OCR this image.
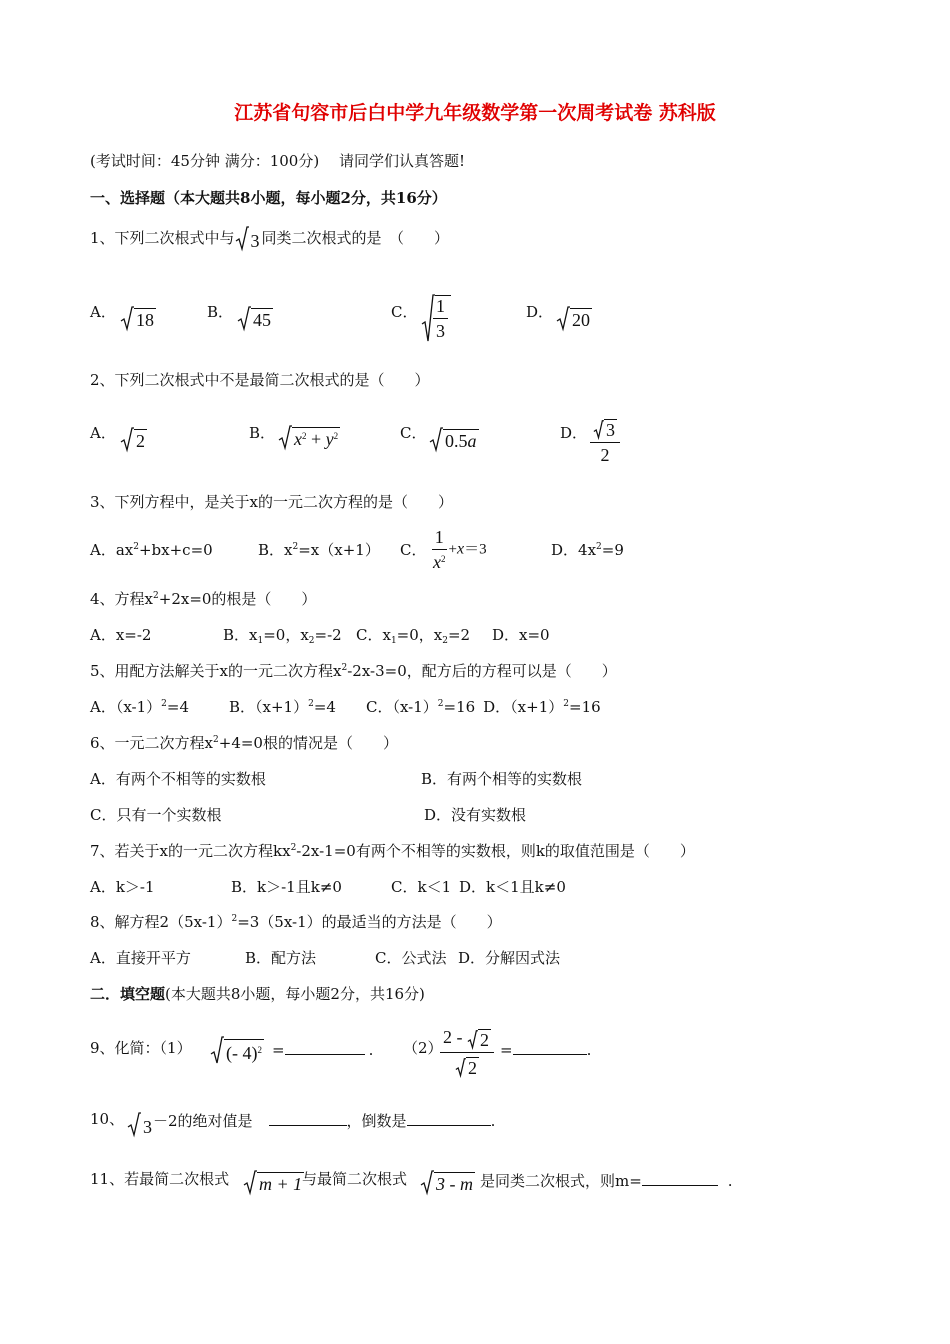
江苏省句容市后白中学九年级数学第一次周考试卷 苏科版
(考试时间：45分钟 满分：100分)　 请同学们认真答题!
一、选择题（本大题共8小题，每小题2分，共16分）
1、下列二次根式中与 3 同类二次根式的是　（　　）
A．	18	B．	45	C． $\frac{1}{3}$	D．	20
2、下列二次根式中不是最简二次根式的是（　　）
A．	2	B．	$x^2 + y^2$	C．	0.5a	D． $\frac{3}{2}$
3、下列方程中，是关于x的一元二次方程的是（　　）
A．$ax^2+bx+c=0$	B．$x^2=x(x+1)$ C． $\frac{1}{x^2} +x=3$	D．$4x^2=9$
4、方程$x^2+2x=0$的根是（　　）
A．x=-2	B．$x_1=0$，$x_2=-2$ C．$x_1=0$，$x_2=2$ D．x=0
5、用配方法解关于x的一元二次方程$x^2-2x-3=0$，配方后的方程可以是（　　）
A．$(x-1)^2=4$	B．$(x+1)^2=4$ C．$(x-1)^2=16$ D．$(x+1)^2=16$
6、一元二次方程$x^2+4=0$根的情况是（　　）
A．有两个不相等的实数根	B．有两个相等的实数根
C．只有一个实数根	D．没有实数根
7、若关于x的一元二次方程$kx^2-2x-1=0$有两个不相等的实数根，则k的取值范围是（　　）
A．k＞-1	B．k＞-1且k≠0	C．k＜1 D．k＜1且k≠0
8、解方程$2(5x-1)^2=3(5x-1)$的最适当的方法是（　　）
A．直接开平方	B．配方法	C．公式法 D．分解因式法
二．填空题(本大题共8小题，每小题2分，共16分)
9、化简：（1）	(- 4)$^2$ =	. （2）
$\frac{2 - 2}{2}$ =	.
10、	3 －2的绝对值是	，倒数是	.
11、若最简二次根式	m + 1 与最简二次根式	3 - m 是同类二次根式，则m=	.
